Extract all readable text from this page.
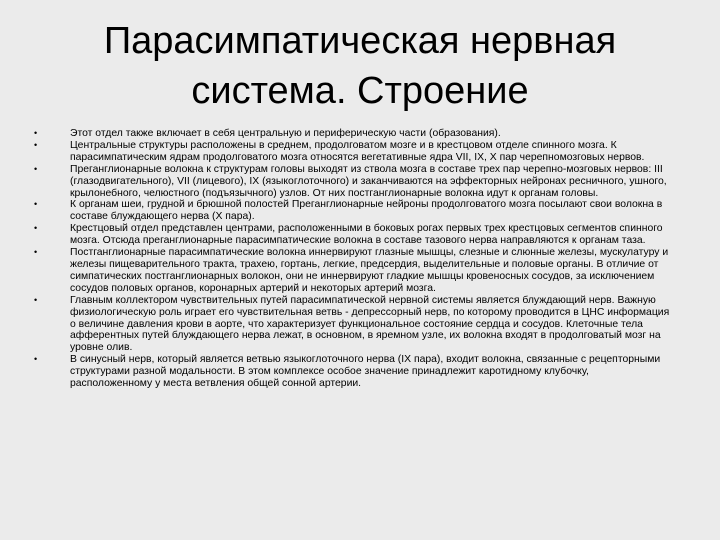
Парасимпатическая нервная
система. Строение
•	Этот отдел также включает в себя центральную и периферическую части (образования).
•	Центральные структуры расположены в среднем, продолговатом мозге и в крестцовом отделе спинного мозга. К парасимпатическим ядрам продолговатого мозга относятся вегетативные ядра VII, IX, X пар черепномозговых нервов.
•	Преганглионарные волокна к структурам головы выходят из ствола мозга в составе трех пар черепно-мозговых нервов: III (глазодвигательного), VII (лицевого), IX (языкоглоточного) и заканчиваются на эффекторных нейронах ресничного, ушного, крылонебного, челюстного (подъязычного) узлов. От них постганглионарные волокна идут к органам головы.
•	К органам шеи, грудной и брюшной полостей Преганглионарные нейроны продолговатого мозга посылают свои волокна в составе блуждающего нерва (Х пара).
•	Крестцовый отдел представлен центрами, расположенными в боковых рогах первых трех крестцовых сегментов спинного мозга. Отсюда преганглионарные парасимпатические волокна в составе тазового нерва направляются к органам таза.
•	Постганглионарные парасимпатические волокна иннервируют глазные мышцы, слезные и слюнные железы, мускулатуру и железы пищеварительного тракта, трахею, гортань, легкие, предсердия, выделительные и половые органы. В отличие от симпатических постганглионарных волокон, они не иннервируют гладкие мышцы кровеносных сосудов, за исключением сосудов половых органов, коронарных артерий и некоторых артерий мозга.
•	Главным коллектором чувствительных путей парасимпатической нервной системы является блуждающий нерв. Важную физиологическую роль играет его чувствительная ветвь - депрессорный нерв, по которому проводится в ЦНС информация о величине давления крови в аорте, что характеризует функциональное состояние сердца и сосудов. Клеточные тела афферентных путей блуждающего нерва лежат, в основном, в яремном узле, их волокна входят в продолговатый мозг на уровне олив.
•	В синусный нерв, который является ветвью языкоглоточного нерва (IX пара), входит волокна, связанные с рецепторными структурами разной модальности. В этом комплексе особое значение принадлежит каротидному клубочку, расположенному у места ветвления общей сонной артерии.
